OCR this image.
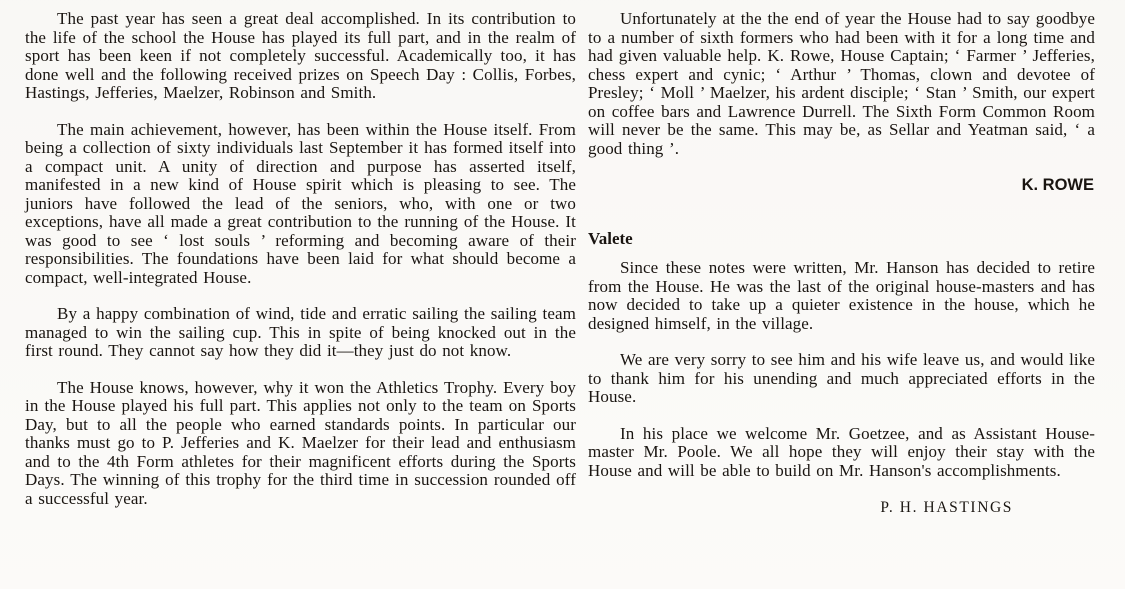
The past year has seen a great deal accomplished. In its contribution to the life of the school the House has played its full part, and in the realm of sport has been keen if not completely successful. Academically too, it has done well and the following received prizes on Speech Day : Collis, Forbes, Hastings, Jefferies, Maelzer, Robinson and Smith.

The main achievement, however, has been within the House itself. From being a collection of sixty individuals last September it has formed itself into a compact unit. A unity of direction and purpose has asserted itself, manifested in a new kind of House spirit which is pleasing to see. The juniors have followed the lead of the seniors, who, with one or two exceptions, have all made a great contribution to the running of the House. It was good to see ‘ lost souls ’ reforming and becoming aware of their responsibilities. The foundations have been laid for what should become a compact, well-integrated House.

By a happy combination of wind, tide and erratic sailing the sailing team managed to win the sailing cup. This in spite of being knocked out in the first round. They cannot say how they did it—they just do not know.

The House knows, however, why it won the Athletics Trophy. Every boy in the House played his full part. This applies not only to the team on Sports Day, but to all the people who earned standards points. In particular our thanks must go to P. Jefferies and K. Maelzer for their lead and enthusiasm and to the 4th Form athletes for their magnificent efforts during the Sports Days. The winning of this trophy for the third time in succession rounded off a successful year.

Unfortunately at the the end of year the House had to say goodbye to a number of sixth formers who had been with it for a long time and had given valuable help. K. Rowe, House Captain; ‘ Farmer ’ Jefferies, chess expert and cynic; ‘ Arthur ’ Thomas, clown and devotee of Presley; ‘ Moll ’ Maelzer, his ardent disciple; ‘ Stan ’ Smith, our expert on coffee bars and Lawrence Durrell. The Sixth Form Common Room will never be the same. This may be, as Sellar and Yeatman said, ‘ a good thing ’.

K. ROWE
Valete

Since these notes were written, Mr. Hanson has decided to retire from the House. He was the last of the original house-masters and has now decided to take up a quieter existence in the house, which he designed himself, in the village.

We are very sorry to see him and his wife leave us, and would like to thank him for his unending and much appreciated efforts in the House.

In his place we welcome Mr. Goetzee, and as Assistant House-master Mr. Poole. We all hope they will enjoy their stay with the House and will be able to build on Mr. Hanson's accomplishments.

P. H. HASTINGS
